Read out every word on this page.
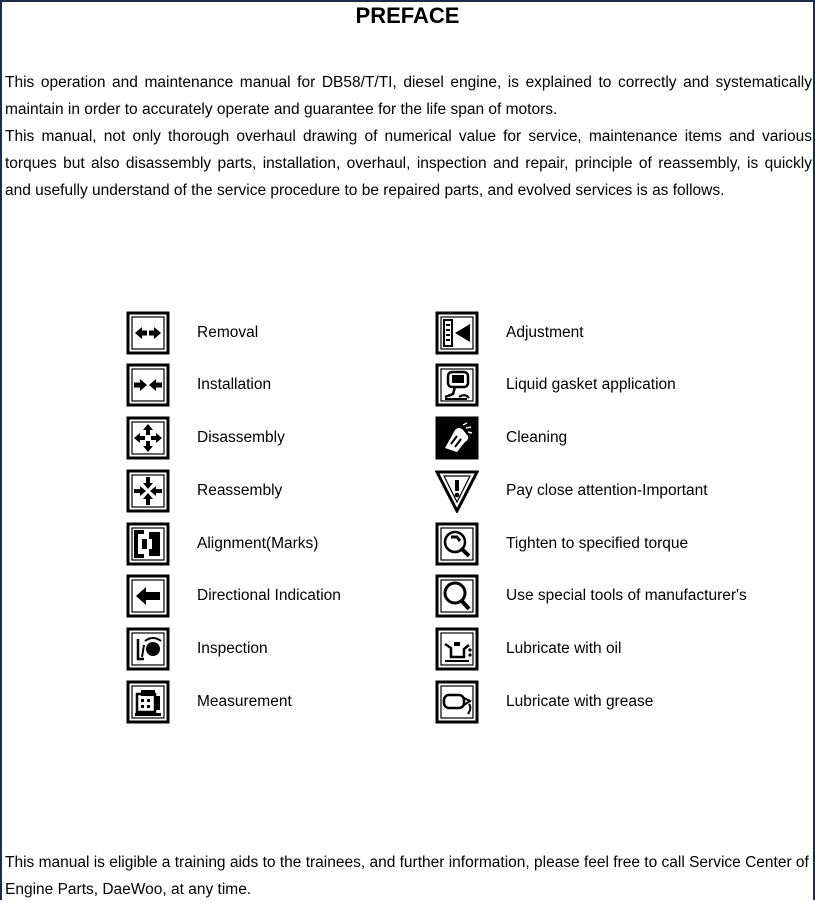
PREFACE

This operation and maintenance manual for DB58/T/TI, diesel engine, is explained to correctly and systematically maintain in order to accurately operate and guarantee for the life span of motors.

This manual, not only thorough overhaul drawing of numerical value for service, maintenance items and various torques but also disassembly parts, installation, overhaul, inspection and repair, principle of reassembly, is quickly and usefully understand of the service procedure to be repaired parts, and evolved services is as follows.

Removal
Installation
Disassembly
Reassembly
Alignment(Marks)
Directional Indication
Inspection
Measurement
Adjustment
Liquid gasket application
Cleaning
Pay close attention-Important
Tighten to specified torque
Use special tools of manufacturer's
Lubricate with oil
Lubricate with grease

This manual is eligible a training aids to the trainees, and further information, please feel free to call Service Center of Engine Parts, DaeWoo, at any time.
